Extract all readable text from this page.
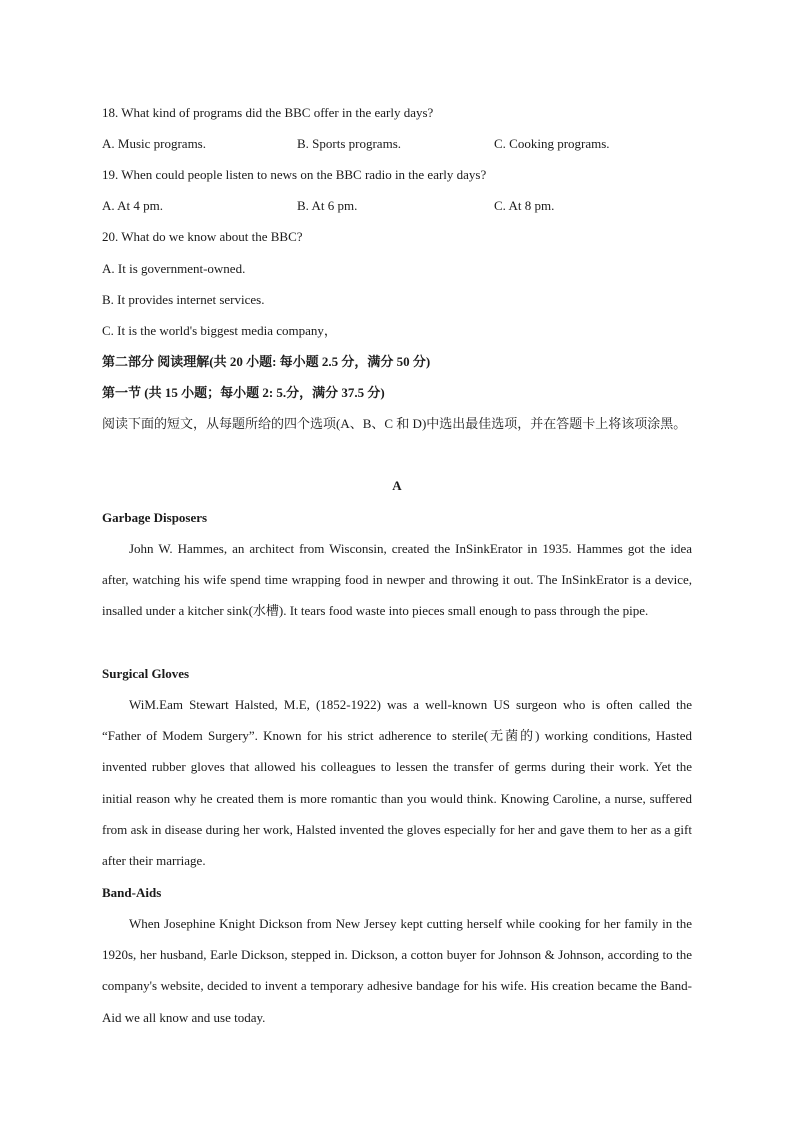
18. What kind of programs did the BBC offer in the early days?
A. Music programs.	B. Sports programs.	C. Cooking programs.
19. When could people listen to news on the BBC radio in the early days?
A. At 4 pm.	B. At 6 pm.	C. At 8 pm.
20. What do we know about the BBC?
A. It is government-owned.
B. It provides internet services.
C. It is the world's biggest media company，
第二部分 阅读理解(共 20 小题: 每小题 2.5 分，满分 50 分)
第一节 (共 15 小题；每小题 2: 5.分，满分 37.5 分)
阅读下面的短文，从每题所给的四个选项(A、B、C 和 D)中选出最佳选项，并在答题卡上将该项涂黑。
A
Garbage Disposers
John W. Hammes, an architect from Wisconsin, created the InSinkErator in 1935. Hammes got the idea after, watching his wife spend time wrapping food in newper and throwing it out. The InSinkErator is a device, insalled under a kitcher sink(水槽). It tears food waste into pieces small enough to pass through the pipe.
Surgical Gloves
WiM.Eam Stewart Halsted, M.E, (1852-1922) was a well-known US surgeon who is often called the “Father of Modem Surgery”. Known for his strict adherence to sterile(无菌的) working conditions, Hasted invented rubber gloves that allowed his colleagues to lessen the transfer of germs during their work. Yet the initial reason why he created them is more romantic than you would think. Knowing Caroline, a nurse, suffered from ask in disease during her work, Halsted invented the gloves especially for her and gave them to her as a gift after their marriage.
Band-Aids
When Josephine Knight Dickson from New Jersey kept cutting herself while cooking for her family in the 1920s, her husband, Earle Dickson, stepped in. Dickson, a cotton buyer for Johnson & Johnson, according to the company's website, decided to invent a temporary adhesive bandage for his wife. His creation became the Band-Aid we all know and use today.
